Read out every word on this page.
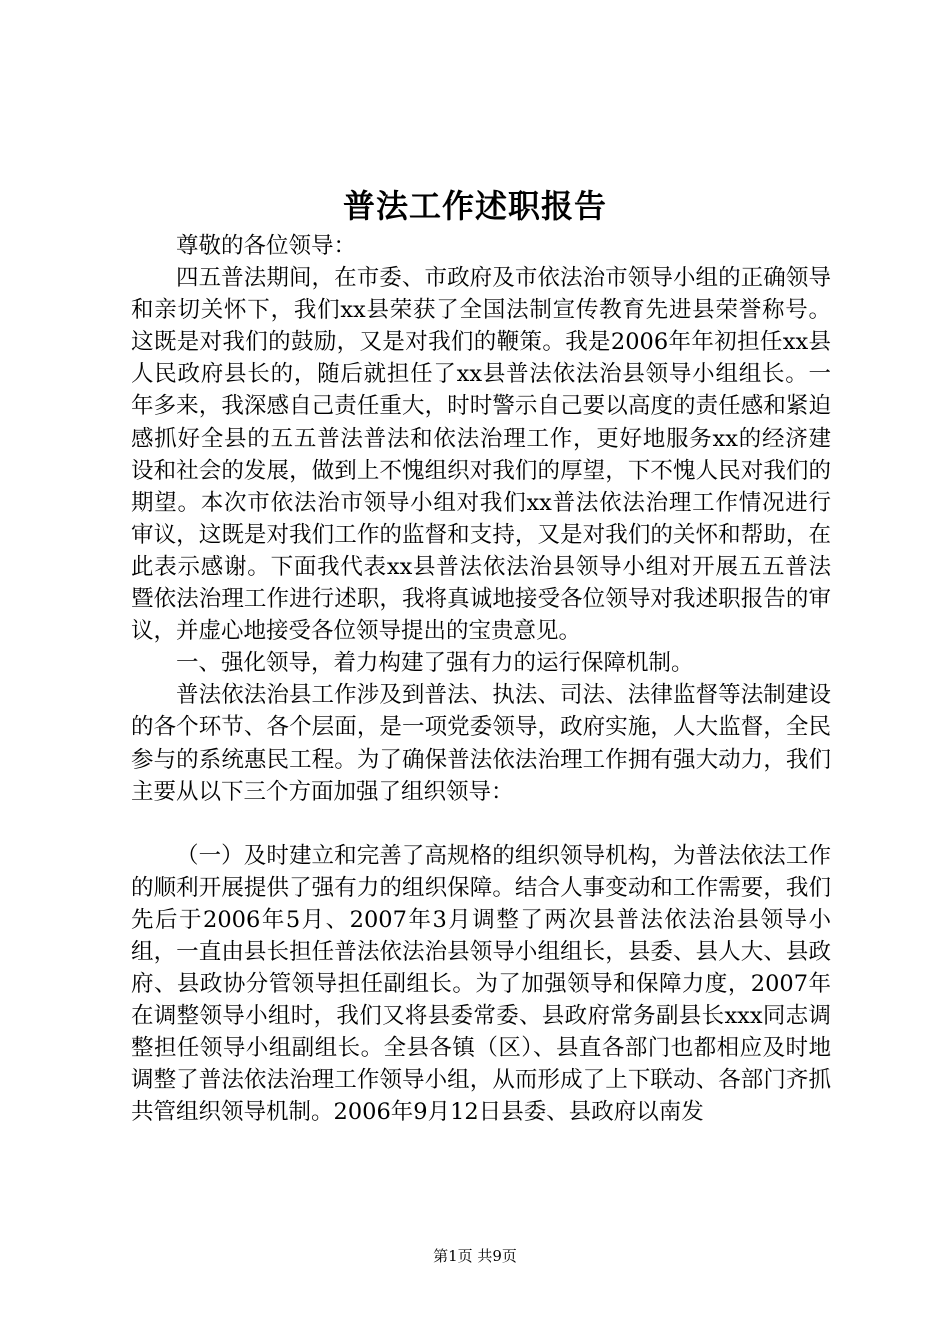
普法工作述职报告

尊敬的各位领导：

四五普法期间，在市委、市政府及市依法治市领导小组的正确领导和亲切关怀下，我们xx县荣获了全国法制宣传教育先进县荣誉称号。这既是对我们的鼓励，又是对我们的鞭策。我是2006年年初担任xx县人民政府县长的，随后就担任了xx县普法依法治县领导小组组长。一年多来，我深感自己责任重大，时时警示自己要以高度的责任感和紧迫感抓好全县的五五普法普法和依法治理工作，更好地服务xx的经济建设和社会的发展，做到上不愧组织对我们的厚望，下不愧人民对我们的期望。本次市依法治市领导小组对我们xx普法依法治理工作情况进行审议，这既是对我们工作的监督和支持，又是对我们的关怀和帮助，在此表示感谢。下面我代表xx县普法依法治县领导小组对开展五五普法暨依法治理工作进行述职，我将真诚地接受各位领导对我述职报告的审议，并虚心地接受各位领导提出的宝贵意见。

一、强化领导，着力构建了强有力的运行保障机制。

普法依法治县工作涉及到普法、执法、司法、法律监督等法制建设的各个环节、各个层面，是一项党委领导，政府实施，人大监督，全民参与的系统惠民工程。为了确保普法依法治理工作拥有强大动力，我们主要从以下三个方面加强了组织领导：

（一）及时建立和完善了高规格的组织领导机构，为普法依法工作的顺利开展提供了强有力的组织保障。结合人事变动和工作需要，我们先后于2006年5月、2007年3月调整了两次县普法依法治县领导小组，一直由县长担任普法依法治县领导小组组长，县委、县人大、县政府、县政协分管领导担任副组长。为了加强领导和保障力度，2007年在调整领导小组时，我们又将县委常委、县政府常务副县长xxx同志调整担任领导小组副组长。全县各镇（区）、县直各部门也都相应及时地调整了普法依法治理工作领导小组，从而形成了上下联动、各部门齐抓共管组织领导机制。2006年9月12日县委、县政府以南发

第1页 共9页
